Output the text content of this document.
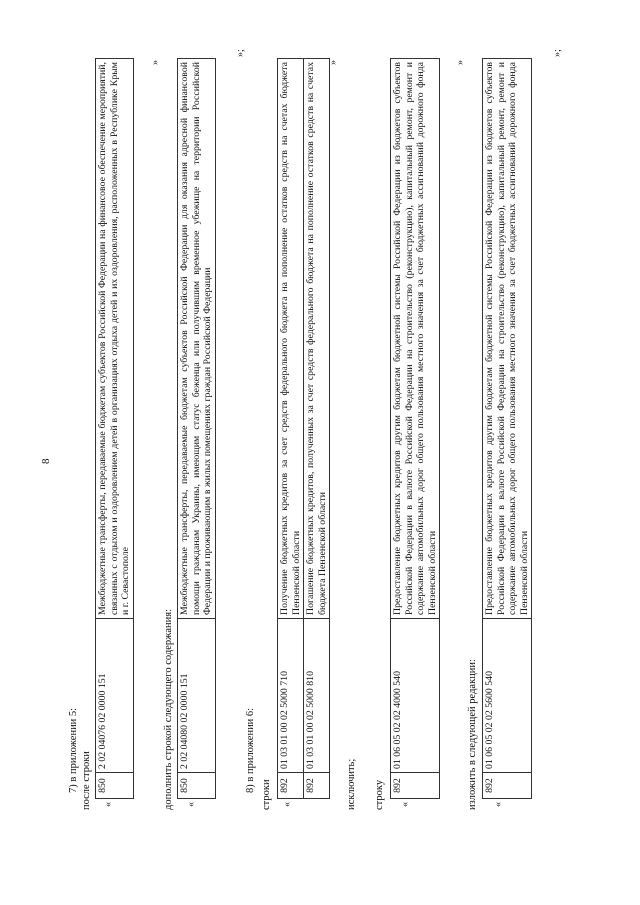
8
7) в приложении 5: после строки «
850	2 02 04076 02 0000 151	Межбюджетные трансферты, передаваемые бюджетам субъектов Российской Федерации на финансовое обеспечение мероприятий, связанных с отдыхом и оздоровлением детей в организациях отдыха детей и их оздоровления, расположенных в Республике Крым и г. Севастополе
»
дополнить строкой следующего содержания: «
850	2 02 04080 02 0000 151	Межбюджетные трансферты, передаваемые бюджетам субъектов Российской Федерации для оказания адресной финансовой помощи гражданам Украины, имеющим статус беженца или получившим временное убежище на территории Российской Федерации и проживающим в жилых помещениях граждан Российской Федерации
»;
8) в приложении 6:
строки «
892	01 03 01 00 02 5000 710	Получение бюджетных кредитов за счет средств федерального бюджета на пополнение остатков средств на счетах бюджета Пензенской области
892	01 03 01 00 02 5000 810	Погашение бюджетных кредитов, полученных за счет средств федерального бюджета на пополнение остатков средств на счетах бюджета Пензенской области
»
исключить; строку «
892	01 06 05 02 02 4000 540	Предоставление бюджетных кредитов другим бюджетам бюджетной системы Российской Федерации из бюджетов субъектов Российской Федерации в валюте Российской Федерации на строительство (реконструкцию), капитальный ремонт, ремонт и содержание автомобильных дорог общего пользования местного значения за счет бюджетных ассигнований дорожного фонда Пензенской области
»
изложить в следующей редакции: «
892	01 06 05 02 02 5600 540	Предоставление бюджетных кредитов другим бюджетам бюджетной системы Российской Федерации из бюджетов субъектов Российской Федерации в валюте Российской Федерации на строительство (реконструкцию), капитальный ремонт, ремонт и содержание автомобильных дорог общего пользования местного значения за счет бюджетных ассигнований дорожного фонда Пензенской области
»;
